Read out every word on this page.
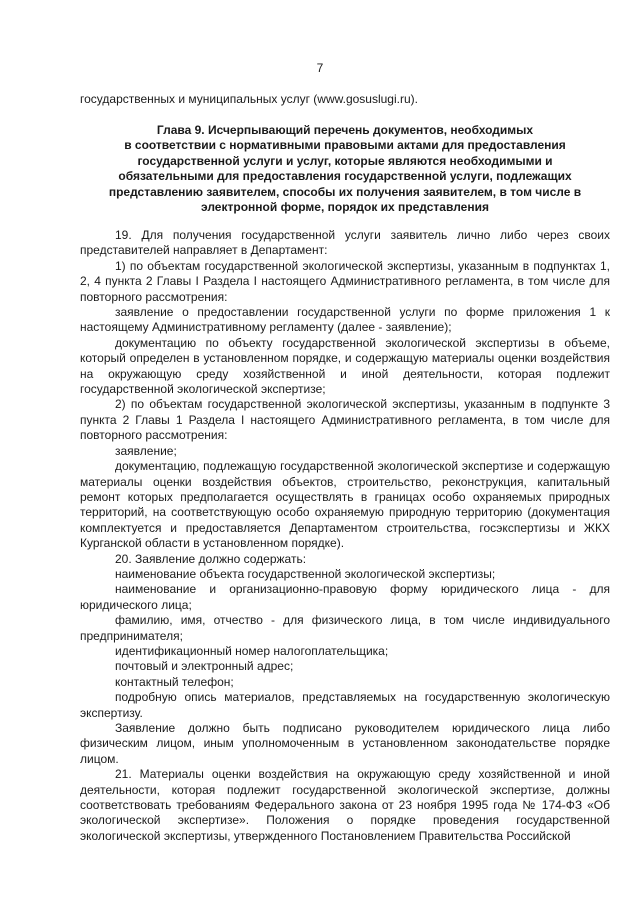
7
государственных и муниципальных услуг (www.gosuslugi.ru).
Глава 9. Исчерпывающий перечень документов, необходимых
в соответствии с нормативными правовыми актами для предоставления
государственной услуги и услуг, которые являются необходимыми и
обязательными для предоставления государственной услуги, подлежащих
представлению заявителем, способы их получения заявителем, в том числе в
электронной форме, порядок их представления

19. Для получения государственной услуги заявитель лично либо через своих представителей направляет в Департамент:

1) по объектам государственной экологической экспертизы, указанным в подпунктах 1, 2, 4 пункта 2 Главы I Раздела I настоящего Административного регламента, в том числе для повторного рассмотрения:

заявление о предоставлении государственной услуги по форме приложения 1 к настоящему Административному регламенту (далее - заявление);

документацию по объекту государственной экологической экспертизы в объеме, который определен в установленном порядке, и содержащую материалы оценки воздействия на окружающую среду хозяйственной и иной деятельности, которая подлежит государственной экологической экспертизе;

2) по объектам государственной экологической экспертизы, указанным в подпункте 3 пункта 2 Главы 1 Раздела I настоящего Административного регламента, в том числе для повторного рассмотрения:

заявление;

документацию, подлежащую государственной экологической экспертизе и содержащую материалы оценки воздействия объектов, строительство, реконструкция, капитальный ремонт которых предполагается осуществлять в границах особо охраняемых природных территорий, на соответствующую особо охраняемую природную территорию (документация комплектуется и предоставляется Департаментом строительства, госэкспертизы и ЖКХ Курганской области в установленном порядке).

20. Заявление должно содержать:

наименование объекта государственной экологической экспертизы;

наименование и организационно-правовую форму юридического лица - для юридического лица;

фамилию, имя, отчество - для физического лица, в том числе индивидуального предпринимателя;

идентификационный номер налогоплательщика;

почтовый и электронный адрес;

контактный телефон;

подробную опись материалов, представляемых на государственную экологическую экспертизу.

Заявление должно быть подписано руководителем юридического лица либо физическим лицом, иным уполномоченным в установленном законодательстве порядке лицом.

21. Материалы оценки воздействия на окружающую среду хозяйственной и иной деятельности, которая подлежит государственной экологической экспертизе, должны соответствовать требованиям Федерального закона от 23 ноября 1995 года № 174-ФЗ «Об экологической экспертизе». Положения о порядке проведения государственной экологической экспертизы, утвержденного Постановлением Правительства Российской
